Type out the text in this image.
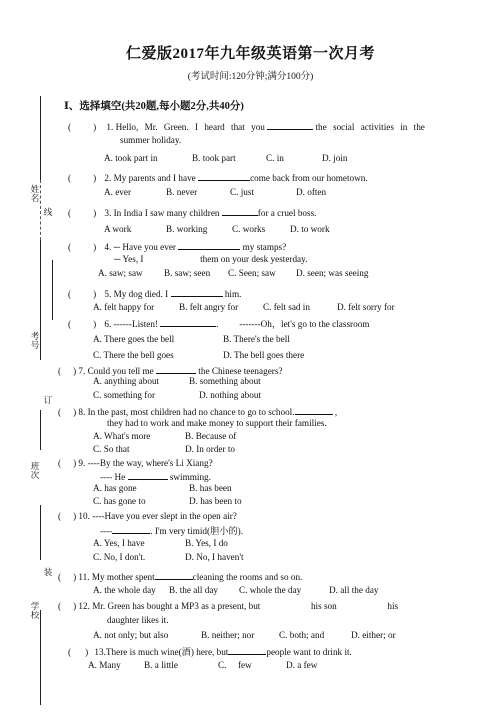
仁爱版2017年九年级英语第一次月考
(考试时间:120分钟;满分100分)
Ⅰ、选择填空(共20题,每小题2分,共40分)
姓名
线
考号
订
班次
装
学校
( ) 1. Hello, Mr. Green. I heard that you	the social activities in the
summer holiday.
A. took part in	B. took part	C. in	D. join
( ) 2. My parents and I have	come back from our hometown.
A. ever	B. never	C. just	D. often
( ) 3. In India I saw many children	for a cruel boss.
A work	B. working	C. works	D. to work
( ) 4. ─ Have you ever	my stamps?
─ Yes, I	them on your desk yesterday.
A. saw; saw B. saw; seen C. Seen; saw D. seen; was seeing
( ) 5. My dog died. I	him.
A. felt happy for	B. felt angry for	C. felt sad in	D. felt sorry for
( ) 6. ------Listen!	. -------Oh，let's go to the classroom
A. There goes the bell	B. There's the bell
C. There the bell goes	D. The bell goes there
( ) 7. Could you tell me	the Chinese teenagers?
A. anything about	B. something about
C. something for	D. nothing about
( ) 8. In the past, most children had no chance to go to school.	,
they had to work and make money to support their families.
A. What's more	B. Because of
C. So that	D. In order to
( ) 9. ----By the way, where's Li Xiang?
---- He	swimming.
A. has gone	B. has been
C. has gone to	D. has been to
( ) 10. ----Have you ever slept in the open air?
----	. I'm very timid(胆小的).
A. Yes, I have	B. Yes, I do
C. No, I don't.	D. No, I haven't
( ) 11. My mother spent	cleaning the rooms and so on.
A. the whole day B. the all day C. whole the day	D. all the day
( ) 12. Mr. Green has bought a MP3 as a present, but	his son	his
daughter likes it.
A. not only; but also	B. neither; nor	C. both; and	D. either; or
( ) 13.There is much wine(酒) here, but	people want to drink it.
A. Many	B. a little	C. few	D. a few
